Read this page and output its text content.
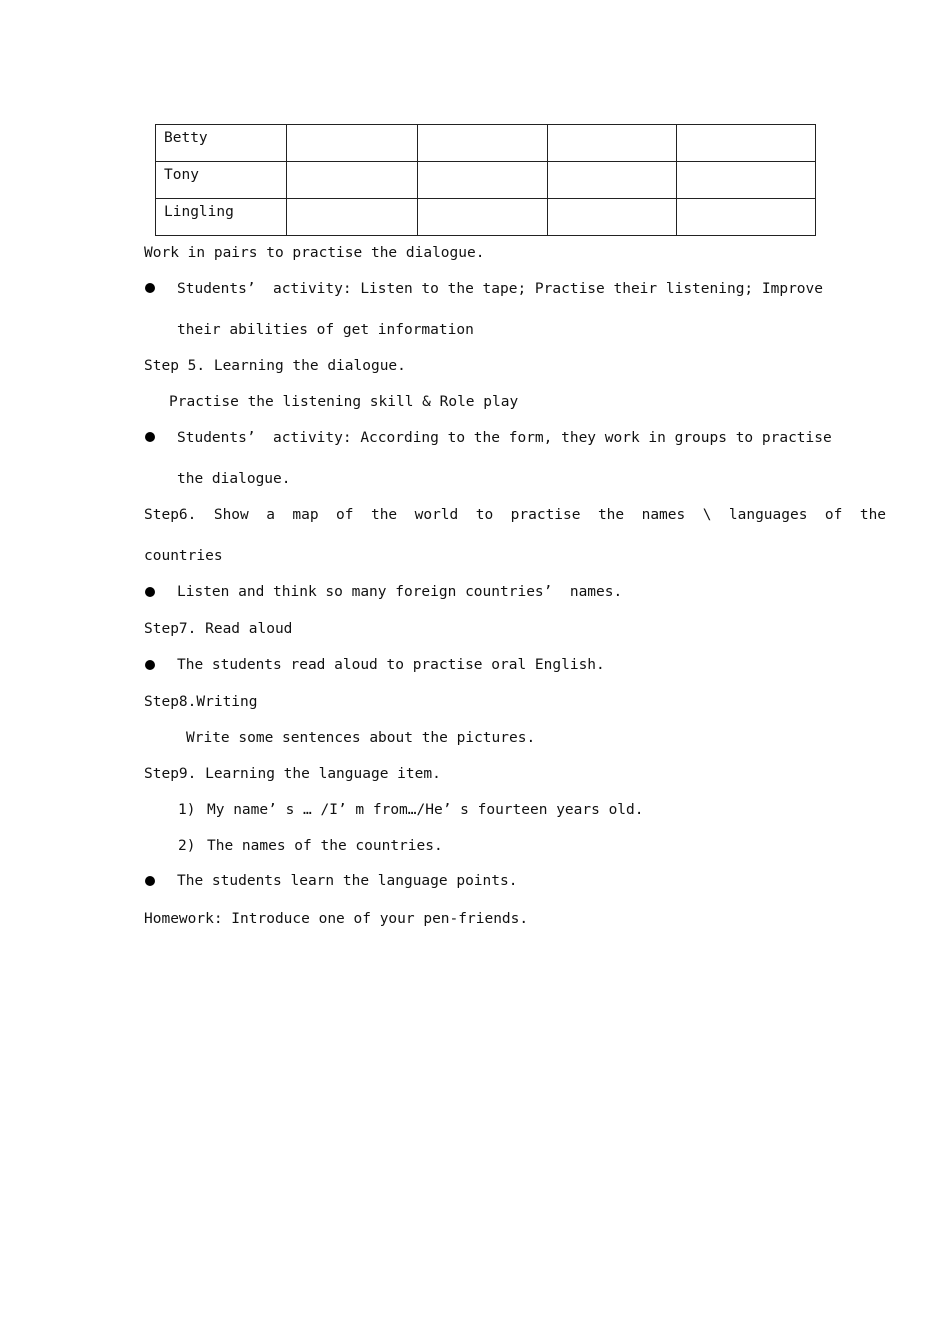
Betty				
Tony				
Lingling				
Work in pairs to practise the dialogue.
Students’  activity: Listen to the tape; Practise their listening; Improve
their abilities of get information
Step 5. Learning the dialogue.
Practise the listening skill & Role play
Students’  activity: According to the form, they work in groups to practise
the dialogue.
Step6.  Show  a  map  of  the  world  to  practise  the  names  \  languages  of  the
countries
Listen and think so many foreign countries’  names.
Step7. Read aloud
The students read aloud to practise oral English.
Step8.Writing
Write some sentences about the pictures.
Step9. Learning the language item.
1) My name’ s … /I’ m from…/He’ s fourteen years old.
2) The names of the countries.
The students learn the language points.
Homework: Introduce one of your pen-friends.
